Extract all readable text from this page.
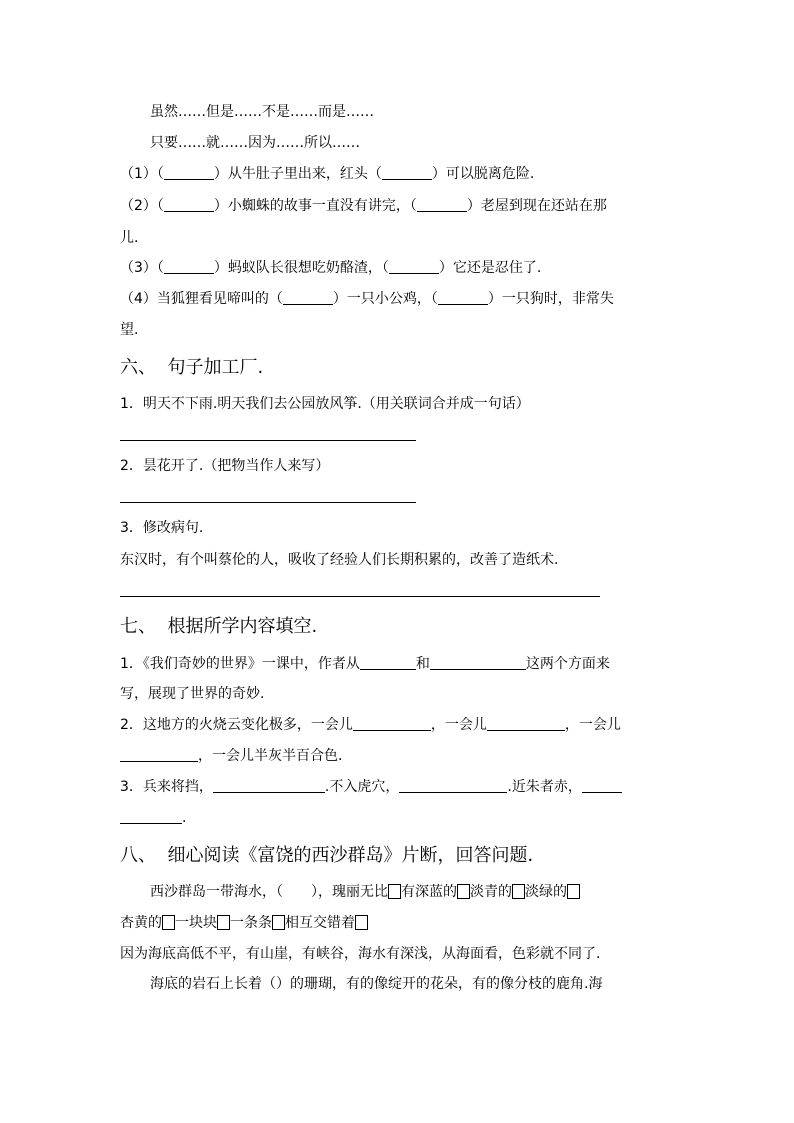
虽然……但是……不是……而是……
只要……就……因为……所以……
（1）（	）从牛肚子里出来，红头（	）可以脱离危险.
（2）（	）小蜘蛛的故事一直没有讲完，（	）老屋到现在还站在那
儿.
（3）（	）蚂蚁队长很想吃奶酪渣，（	）它还是忍住了.
（4）当狐狸看见啼叫的（	）一只小公鸡，（	）一只狗时，非常失
望.
六、 句子加工厂.
1．明天不下雨.明天我们去公园放风筝.（用关联词合并成一句话）
2．昙花开了.（把物当作人来写）
3．修改病句.
东汉时，有个叫蔡伦的人，吸收了经验人们长期积累的，改善了造纸术.
七、 根据所学内容填空.
1．《我们奇妙的世界》一课中，作者从	和	这两个方面来
写，展现了世界的奇妙.
2．这地方的火烧云变化极多，一会儿	，一会儿	，一会儿
，一会儿半灰半百合色.
3．兵来将挡，	.不入虎穴，	.近朱者赤，
.
八、 细心阅读《富饶的西沙群岛》片断，回答问题．
西沙群岛一带海水，（　　），瑰丽无比 有深蓝的 淡青的 淡绿的
杏黄的 一块块 一条条 相互交错着
因为海底高低不平，有山崖，有峡谷，海水有深浅，从海面看，色彩就不同了.
海底的岩石上长着（）的珊瑚，有的像绽开的花朵，有的像分枝的鹿角.海
